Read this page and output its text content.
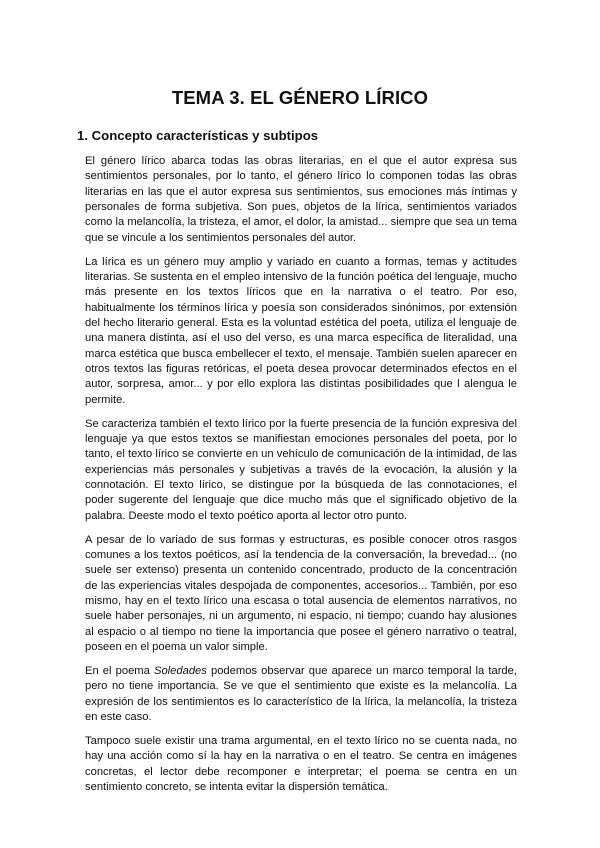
TEMA 3. EL GÉNERO LÍRICO
1. Concepto características y subtipos

El género lírico abarca todas las obras literarias, en el que el autor expresa sus sentimientos personales, por lo tanto, el género lírico lo componen todas las obras literarias en las que el autor expresa sus sentimientos, sus emociones más íntimas y personales de forma subjetiva. Son pues, objetos de la lírica, sentimientos variados como la melancolía, la tristeza, el amor, el dolor, la amistad... siempre que sea un tema que se vincule a los sentimientos personales del autor.

La lírica es un género muy amplio y variado en cuanto a formas, temas y actitudes literarias. Se sustenta en el empleo intensivo de la función poética del lenguaje, mucho más presente en los textos líricos que en la narrativa o el teatro. Por eso, habitualmente los términos lírica y poesía son considerados sinónimos, por extensión del hecho literario general. Esta es la voluntad estética del poeta, utiliza el lenguaje de una manera distinta, así el uso del verso, es una marca específica de literalidad, una marca estética que busca embellecer el texto, el mensaje. También suelen aparecer en otros textos las figuras retóricas, el poeta desea provocar determinados efectos en el autor, sorpresa, amor... y por ello explora las distintas posibilidades que l alengua le permite.

Se caracteriza también el texto lírico por la fuerte presencia de la función expresiva del lenguaje ya que estos textos se manifiestan emociones personales del poeta, por lo tanto, el texto lírico se convierte en un vehículo de comunicación de la intimidad, de las experiencias más personales y subjetivas a través de la evocación, la alusión y la connotación. El texto lírico, se distingue por la búsqueda de las connotaciones, el poder sugerente del lenguaje que dice mucho más que el significado objetivo de la palabra. Deeste modo el texto poético aporta al lector otro punto.

A pesar de lo variado de sus formas y estructuras, es posible conocer otros rasgos comunes a los textos poéticos, así la tendencia de la conversación, la brevedad... (no suele ser extenso) presenta un contenido concentrado, producto de la concentración de las experiencias vitales despojada de componentes, accesorios... También, por eso mismo, hay en el texto lírico una escasa o total ausencia de elementos narrativos, no suele haber personajes, ni un argumento, ni espacio, ni tiempo; cuando hay alusiones al espacio o al tiempo no tiene la importancia que posee el género narrativo o teatral, poseen en el poema un valor simple.

En el poema Soledades podemos observar que aparece un marco temporal la tarde, pero no tiene importancia. Se ve que el sentimiento que existe es la melancolía. La expresión de los sentimientos es lo característico de la lírica, la melancolía, la tristeza en este caso.

Tampoco suele existir una trama argumental, en el texto lírico no se cuenta nada, no hay una acción como sí la hay en la narrativa o en el teatro. Se centra en imágenes concretas, el lector debe recomponer e interpretar; el poema se centra en un sentimiento concreto, se intenta evitar la dispersión temática.
